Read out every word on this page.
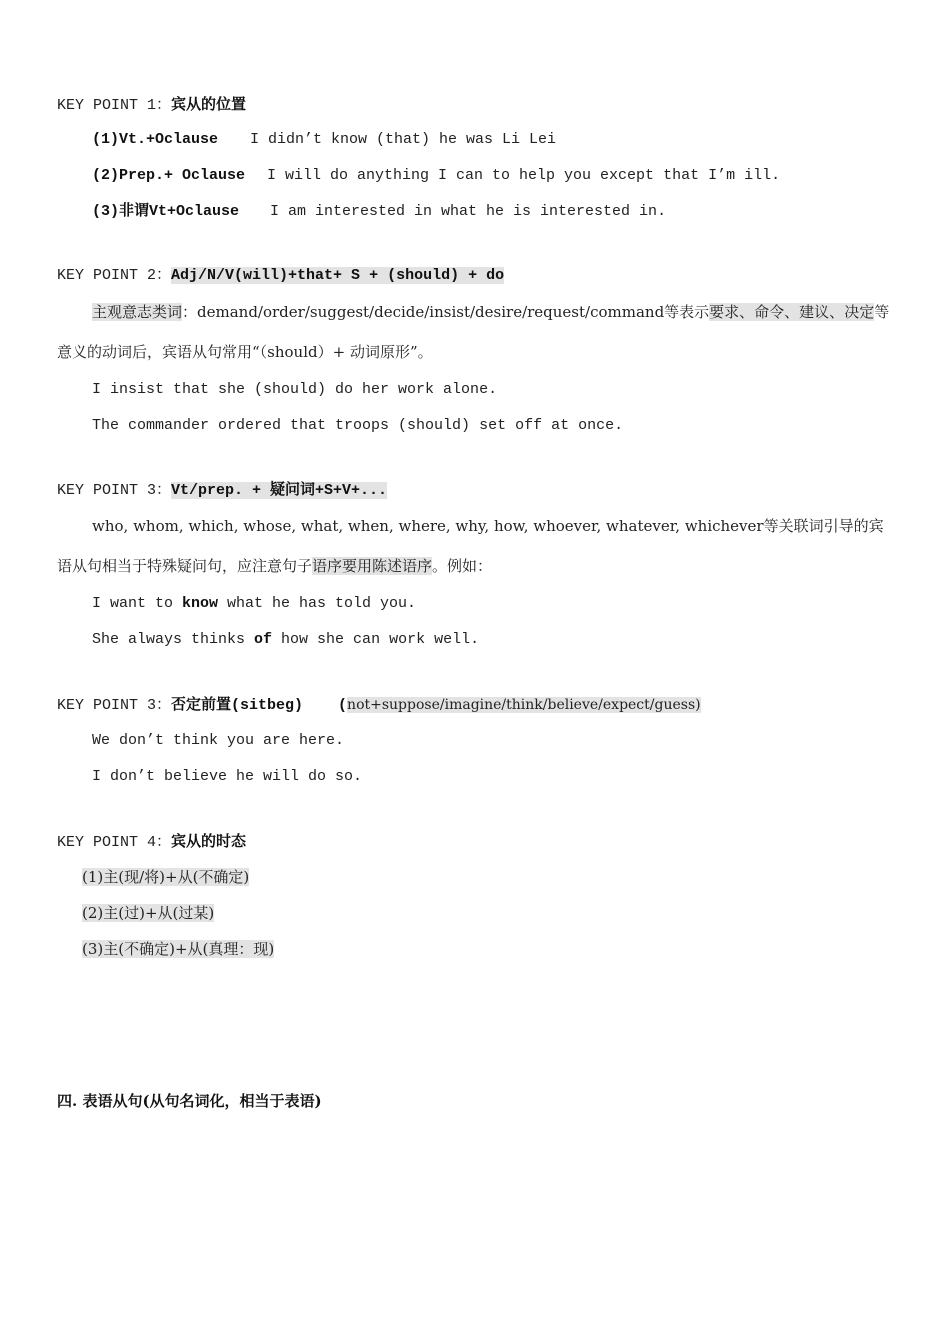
KEY POINT 1：宾从的位置
(1)Vt.+Oclause I didn’t know (that) he was Li Lei
(2)Prep.+ Oclause I will do anything I can to help you except that I’m ill.
(3)非谓Vt+Oclause I am interested in what he is interested in.
KEY POINT 2：Adj/N/V(will)+that+ S + (should) + do
主观意志类词：demand/order/suggest/decide/insist/desire/request/command等表示要求、命令、建议、决定等意义的动词后，宾语从句常用“（should）+ 动词原形”。
I insist that she (should) do her work alone.
The commander ordered that troops (should) set off at once.
KEY POINT 3：Vt/prep. + 疑问词+S+V+...
who, whom, which, whose, what, when, where, why, how, whoever, whatever, whichever等关联词引导的宾语从句相当于特殊疑问句，应注意句子语序要用陈述语序。例如：
I want to know what he has told you.
She always thinks of how she can work well.
KEY POINT 3：否定前置(sitbeg) (not+suppose/imagine/think/believe/expect/guess)
We don’t think you are here.
I don’t believe he will do so.
KEY POINT 4：宾从的时态
(1)主(现/将)+从(不确定)
(2)主(过)+从(过某)
(3)主(不确定)+从(真理：现)
四. 表语从句(从句名词化，相当于表语)
